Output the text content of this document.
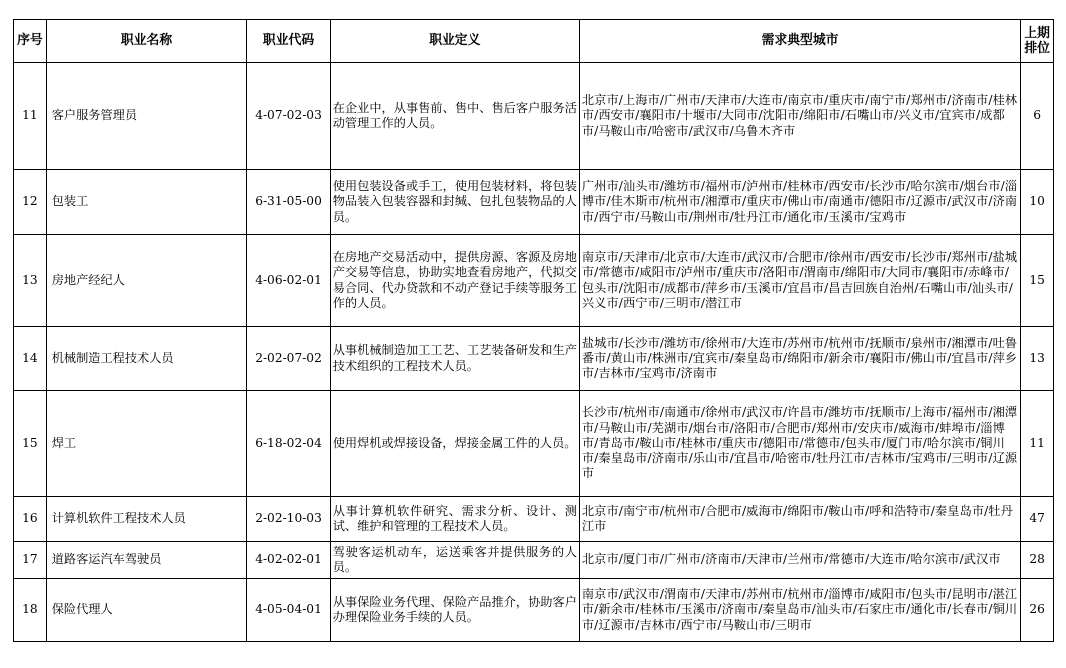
序号	职业名称	职业代码	职业定义	需求典型城市	上期排位
11	客户服务管理员	4-07-02-03	在企业中，从事售前、售中、售后客户服务活动管理工作的人员。	北京市/上海市/广州市/天津市/大连市/南京市/重庆市/南宁市/郑州市/济南市/桂林市/西安市/襄阳市/十堰市/大同市/沈阳市/绵阳市/石嘴山市/兴义市/宜宾市/成都市/马鞍山市/哈密市/武汉市/乌鲁木齐市	6
12	包装工	6-31-05-00	使用包装设备或手工，使用包装材料，将包装物品装入包装容器和封缄、包扎包装物品的人员。	广州市/汕头市/潍坊市/福州市/泸州市/桂林市/西安市/长沙市/哈尔滨市/烟台市/淄博市/佳木斯市/杭州市/湘潭市/重庆市/佛山市/南通市/德阳市/辽源市/武汉市/济南市/西宁市/马鞍山市/荆州市/牡丹江市/通化市/玉溪市/宝鸡市	10
13	房地产经纪人	4-06-02-01	在房地产交易活动中，提供房源、客源及房地产交易等信息，协助实地查看房地产，代拟交易合同、代办贷款和不动产登记手续等服务工作的人员。	南京市/天津市/北京市/大连市/武汉市/合肥市/徐州市/西安市/长沙市/郑州市/盐城市/常德市/咸阳市/泸州市/重庆市/洛阳市/渭南市/绵阳市/大同市/襄阳市/赤峰市/包头市/沈阳市/成都市/萍乡市/玉溪市/宜昌市/昌吉回族自治州/石嘴山市/汕头市/兴义市/西宁市/三明市/潜江市	15
14	机械制造工程技术人员	2-02-07-02	从事机械制造加工工艺、工艺装备研发和生产技术组织的工程技术人员。	盐城市/长沙市/潍坊市/徐州市/大连市/苏州市/杭州市/抚顺市/泉州市/湘潭市/吐鲁番市/黄山市/株洲市/宜宾市/秦皇岛市/绵阳市/新余市/襄阳市/佛山市/宜昌市/萍乡市/吉林市/宝鸡市/济南市	13
15	焊工	6-18-02-04	使用焊机或焊接设备，焊接金属工件的人员。	长沙市/杭州市/南通市/徐州市/武汉市/许昌市/潍坊市/抚顺市/上海市/福州市/湘潭市/马鞍山市/芜湖市/烟台市/洛阳市/合肥市/郑州市/安庆市/威海市/蚌埠市/淄博市/青岛市/鞍山市/桂林市/重庆市/德阳市/常德市/包头市/厦门市/哈尔滨市/铜川市/秦皇岛市/济南市/乐山市/宜昌市/哈密市/牡丹江市/吉林市/宝鸡市/三明市/辽源市	11
16	计算机软件工程技术人员	2-02-10-03	从事计算机软件研究、需求分析、设计、测试、维护和管理的工程技术人员。	北京市/南宁市/杭州市/合肥市/威海市/绵阳市/鞍山市/呼和浩特市/秦皇岛市/牡丹江市	47
17	道路客运汽车驾驶员	4-02-02-01	驾驶客运机动车，运送乘客并提供服务的人员。	北京市/厦门市/广州市/济南市/天津市/兰州市/常德市/大连市/哈尔滨市/武汉市	28
18	保险代理人	4-05-04-01	从事保险业务代理、保险产品推介，协助客户办理保险业务手续的人员。	南京市/武汉市/渭南市/天津市/苏州市/杭州市/淄博市/咸阳市/包头市/昆明市/湛江市/新余市/桂林市/玉溪市/济南市/秦皇岛市/汕头市/石家庄市/通化市/长春市/铜川市/辽源市/吉林市/西宁市/马鞍山市/三明市	26
